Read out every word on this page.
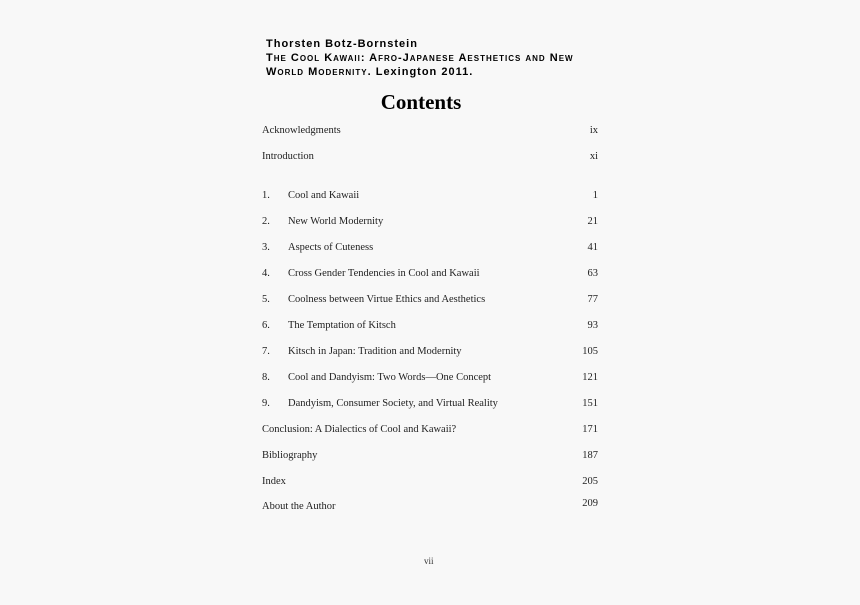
Thorsten Botz-Bornstein
The Cool Kawaii: Afro-Japanese Aesthetics and New
World Modernity. Lexington 2011.
Contents
Acknowledgments	ix
Introduction	xi
1. Cool and Kawaii	1
2. New World Modernity	21
3. Aspects of Cuteness	41
4. Cross Gender Tendencies in Cool and Kawaii	63
5. Coolness between Virtue Ethics and Aesthetics	77
6. The Temptation of Kitsch	93
7. Kitsch in Japan: Tradition and Modernity	105
8. Cool and Dandyism: Two Words—One Concept	121
9. Dandyism, Consumer Society, and Virtual Reality	151
Conclusion: A Dialectics of Cool and Kawaii?	171
Bibliography	187
Index	205
About the Author	209
vii
